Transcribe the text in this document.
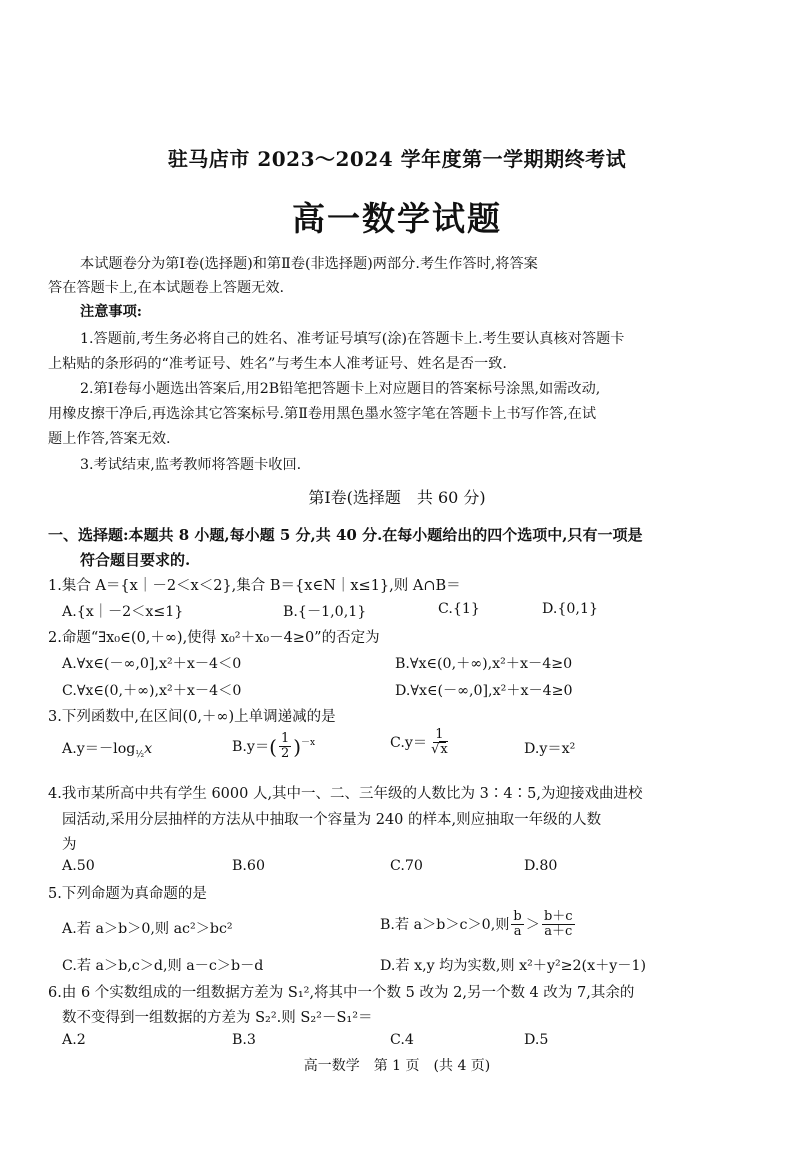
驻马店市 2023～2024 学年度第一学期期终考试
高一数学试题
本试题卷分为第Ⅰ卷(选择题)和第Ⅱ卷(非选择题)两部分.考生作答时,将答案
答在答题卡上,在本试题卷上答题无效.
注意事项:
1.答题前,考生务必将自己的姓名、准考证号填写(涂)在答题卡上.考生要认真核对答题卡
上粘贴的条形码的“准考证号、姓名”与考生本人准考证号、姓名是否一致.
2.第Ⅰ卷每小题选出答案后,用2B铅笔把答题卡上对应题目的答案标号涂黑,如需改动,
用橡皮擦干净后,再选涂其它答案标号.第Ⅱ卷用黑色墨水签字笔在答题卡上书写作答,在试
题上作答,答案无效.
3.考试结束,监考教师将答题卡收回.
第Ⅰ卷(选择题　共 60 分)
一、选择题:本题共 8 小题,每小题 5 分,共 40 分.在每小题给出的四个选项中,只有一项是
符合题目要求的.
1.集合 A＝{x｜－2＜x＜2},集合 B＝{x∈N｜x≤1},则 A∩B＝
A.{x｜－2＜x≤1}	B.{－1,0,1}	C.{1}	D.{0,1}
2.命题“∃x₀∈(0,＋∞),使得 x₀²＋x₀－4≥0”的否定为
A.∀x∈(－∞,0],x²＋x－4＜0	B.∀x∈(0,＋∞),x²＋x－4≥0
C.∀x∈(0,＋∞),x²＋x－4＜0	D.∀x∈(－∞,0],x²＋x－4≥0
3.下列函数中,在区间(0,＋∞)上单调递减的是
$A.y=-\log_{\frac{1}{2}}x$	$B.y=( \frac{1}{2} )^{-x}$	$C.y= \frac{1}{√x}$	D.y＝x²
4.我市某所高中共有学生 6000 人,其中一、二、三年级的人数比为 3∶4∶5,为迎接戏曲进校
园活动,采用分层抽样的方法从中抽取一个容量为 240 的样本,则应抽取一年级的人数
为
A.50	B.60	C.70	D.80
5.下列命题为真命题的是
A.若 a＞b＞0,则 ac²＞bc²	B.若 a＞b＞c＞0,则 $\frac{b}{a} > \frac{b+c}{a+c}$
C.若 a＞b,c＞d,则 a－c＞b－d	D.若 x,y 均为实数,则 x²＋y²≥2(x＋y－1)
6.由 6 个实数组成的一组数据方差为 S₁²,将其中一个数 5 改为 2,另一个数 4 改为 7,其余的
数不变得到一组数据的方差为 S₂².则 S₂²－S₁²＝
A.2	B.3	C.4	D.5
高一数学　第 1 页　(共 4 页)
